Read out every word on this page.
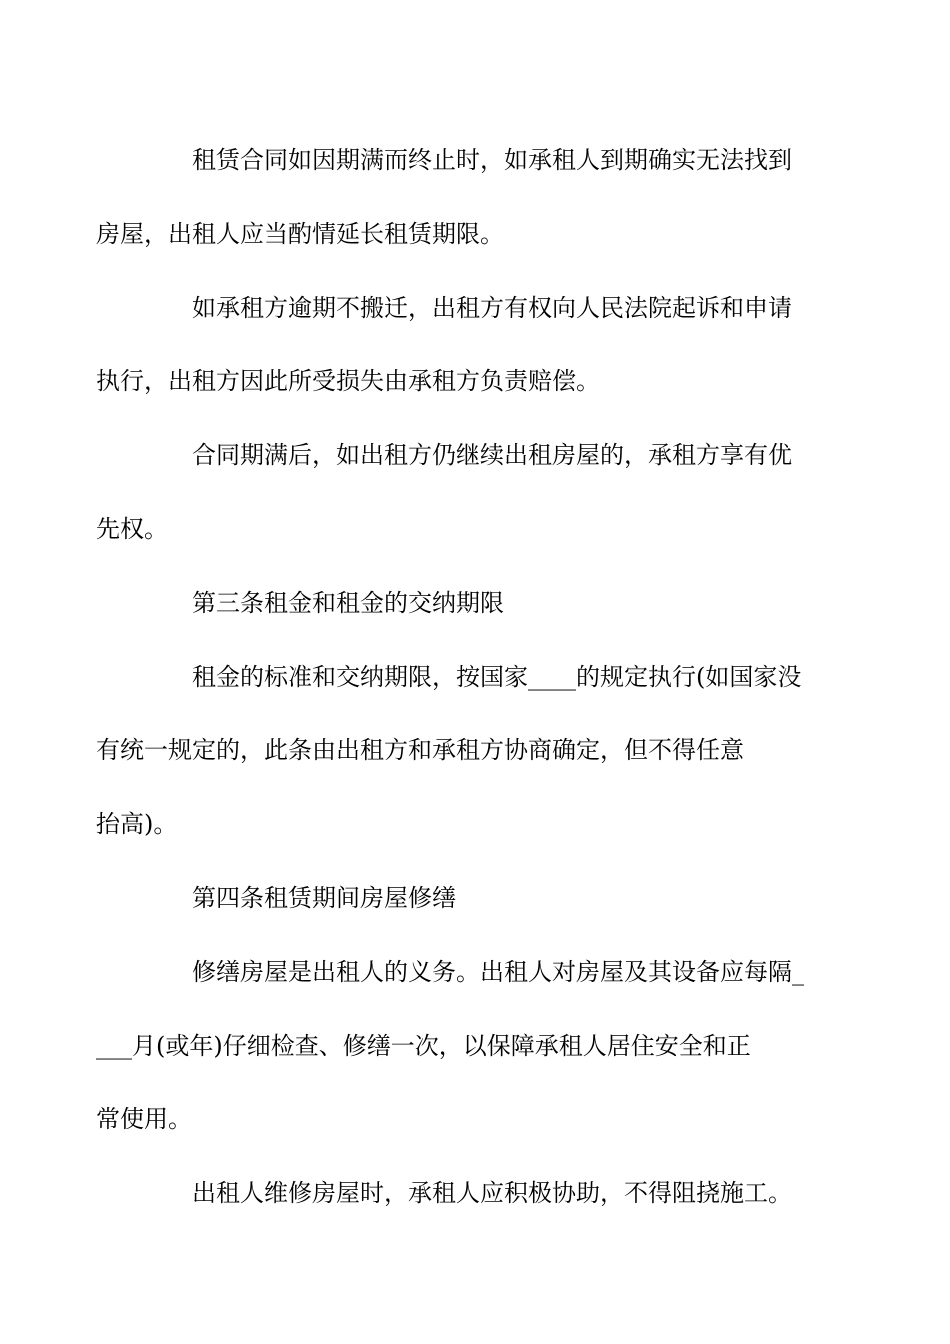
租赁合同如因期满而终止时，如承租人到期确实无法找到
房屋，出租人应当酌情延长租赁期限。

如承租方逾期不搬迁，出租方有权向人民法院起诉和申请
执行，出租方因此所受损失由承租方负责赔偿。

合同期满后，如出租方仍继续出租房屋的，承租方享有优
先权。

第三条租金和租金的交纳期限

租金的标准和交纳期限，按国家____的规定执行(如国家没
有统一规定的，此条由出租方和承租方协商确定，但不得任意
抬高)。

第四条租赁期间房屋修缮

修缮房屋是出租人的义务。出租人对房屋及其设备应每隔_
___月(或年)仔细检查、修缮一次，以保障承租人居住安全和正
常使用。

出租人维修房屋时，承租人应积极协助，不得阻挠施工。
